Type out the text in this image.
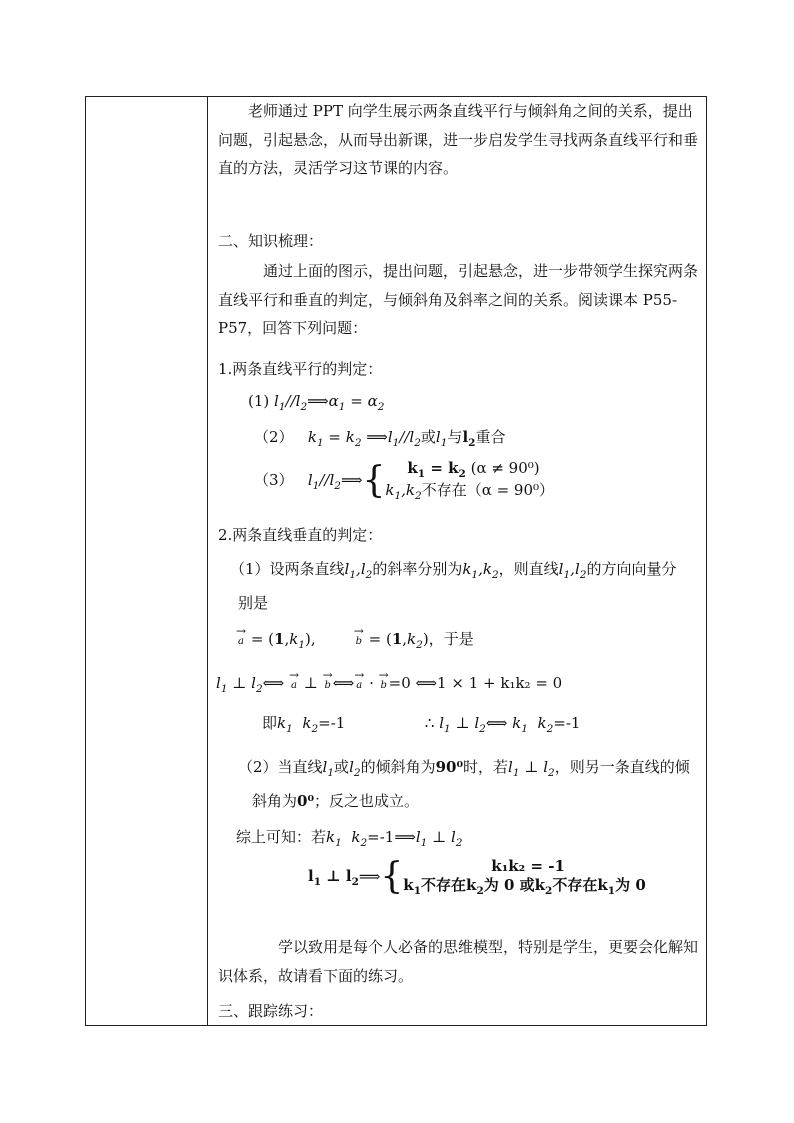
老师通过 PPT 向学生展示两条直线平行与倾斜角之间的关系，提出问题，引起悬念，从而导出新课，进一步启发学生寻找两条直线平行和垂直的方法，灵活学习这节课的内容。
二、知识梳理：
通过上面的图示，提出问题，引起悬念，进一步带领学生探究两条直线平行和垂直的判定，与倾斜角及斜率之间的关系。阅读课本 P55-P57，回答下列问题：
1.两条直线平行的判定：
(1) $l_1//l_2⟹\alpha_1 = \alpha_2$
（2） $k_1 = k_2$ $⟹l_1//l_2$或$l_1$与$l_2$重合
（3） $l_1//l_2⟹${	$k_1 = k_2$ (α ≠ 90⁰)
$k_1,k_2$不存在（α = 90⁰）
2.两条直线垂直的判定：
（1）设两条直线$l_1,l_2$的斜率分别为$k_1,k_2$，则直线$l_1,l_2$的方向向量分
别是
→
$a = (1,k_1)$, →
$b = (1,k_2)$，于是
$l_1$ ⊥ $l_2⟺$ →
a ⊥ →
b ⟺ →
a · →
b =0 ⟺1 × 1 + k₁k₂ = 0
即$k_1$  $k_2=-1$	∴ $l_1$ ⊥ $l_2⟺$ $k_1$  $k_2=-1$
（2）当直线$l_1$或$l_2$的倾斜角为90⁰时，若$l_1$ ⊥ $l_2$，则另一条直线的倾
斜角为0⁰；反之也成立。
综上可知：若$k_1$  $k_2=-1⟹l_1$ ⊥ $l_2$
$l_1$ ⊥ $l_2⟹${	k₁k₂ = -1
$k_1$不存在$k_2$为 0 或$k_2$不存在$k_1$为 0
学以致用是每个人必备的思维模型，特别是学生，更要会化解知识体系，故请看下面的练习。
三、跟踪练习：
